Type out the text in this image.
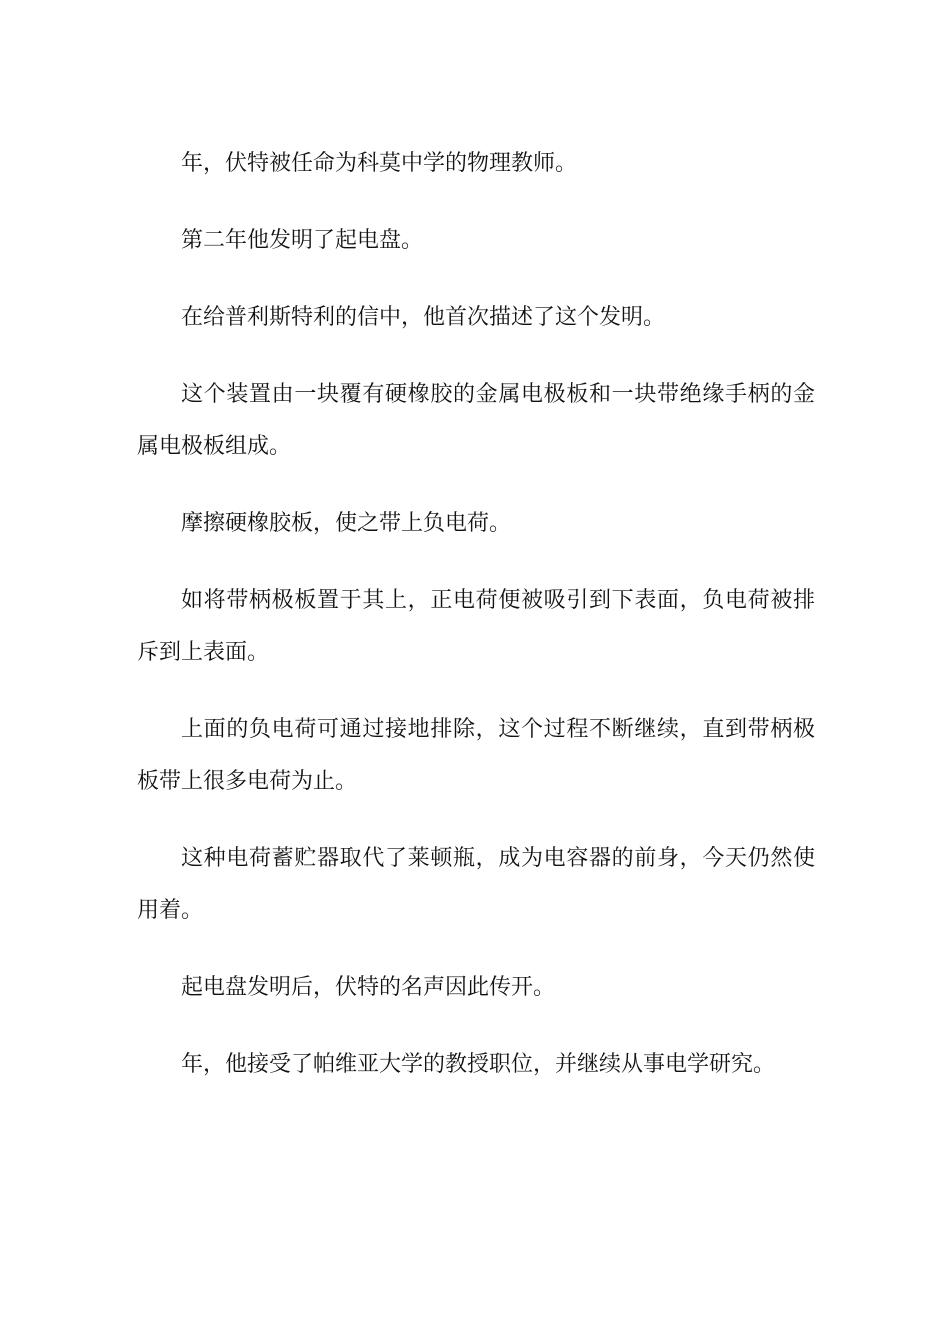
年，伏特被任命为科莫中学的物理教师。

第二年他发明了起电盘。

在给普利斯特利的信中，他首次描述了这个发明。

这个装置由一块覆有硬橡胶的金属电极板和一块带绝缘手柄的金属电极板组成。

摩擦硬橡胶板，使之带上负电荷。

如将带柄极板置于其上，正电荷便被吸引到下表面，负电荷被排斥到上表面。

上面的负电荷可通过接地排除，这个过程不断继续，直到带柄极板带上很多电荷为止。

这种电荷蓄贮器取代了莱顿瓶，成为电容器的前身，今天仍然使用着。

起电盘发明后，伏特的名声因此传开。

年，他接受了帕维亚大学的教授职位，并继续从事电学研究。
